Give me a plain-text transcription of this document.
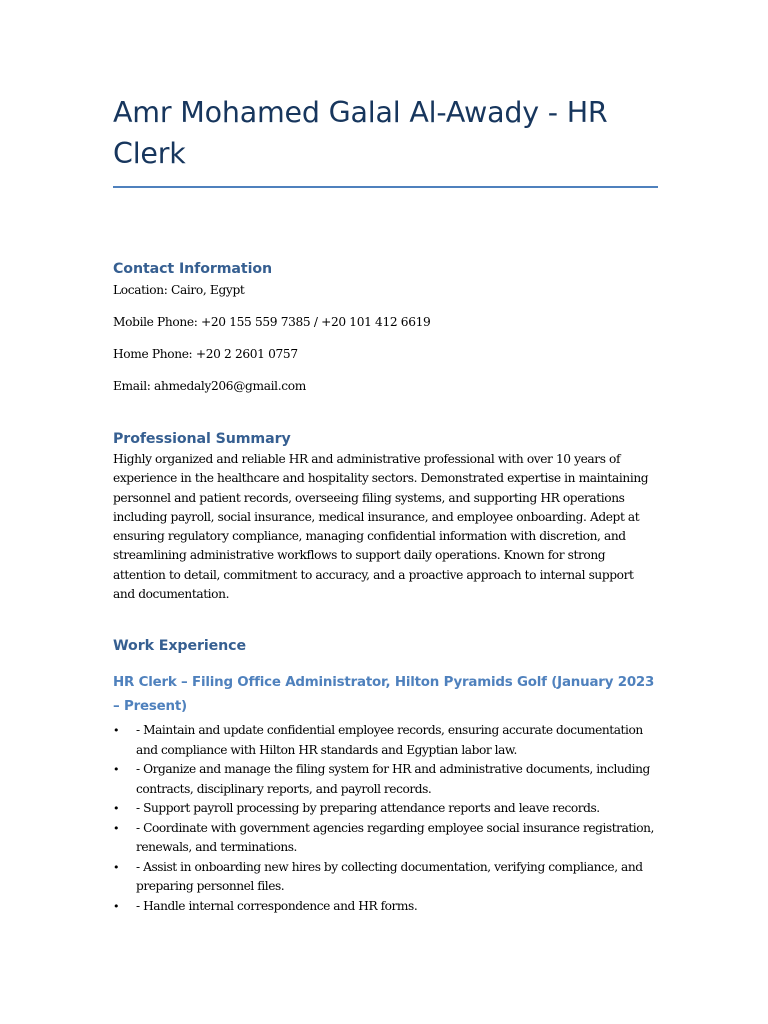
Amr Mohamed Galal Al-Awady - HR Clerk
Contact Information

Location: Cairo, Egypt

Mobile Phone: +20 155 559 7385 / +20 101 412 6619

Home Phone: +20 2 2601 0757

Email: ahmedaly206@gmail.com

Professional Summary

Highly organized and reliable HR and administrative professional with over 10 years of experience in the healthcare and hospitality sectors. Demonstrated expertise in maintaining personnel and patient records, overseeing filing systems, and supporting HR operations including payroll, social insurance, medical insurance, and employee onboarding. Adept at ensuring regulatory compliance, managing confidential information with discretion, and streamlining administrative workflows to support daily operations. Known for strong attention to detail, commitment to accuracy, and a proactive approach to internal support and documentation.

Work Experience
HR Clerk – Filing Office Administrator, Hilton Pyramids Golf (January 2023 – Present)
• - Maintain and update confidential employee records, ensuring accurate documentation and compliance with Hilton HR standards and Egyptian labor law.
• - Organize and manage the filing system for HR and administrative documents, including contracts, disciplinary reports, and payroll records.
• - Support payroll processing by preparing attendance reports and leave records.
• - Coordinate with government agencies regarding employee social insurance registration, renewals, and terminations.
• - Assist in onboarding new hires by collecting documentation, verifying compliance, and preparing personnel files.
• - Handle internal correspondence and HR forms.
